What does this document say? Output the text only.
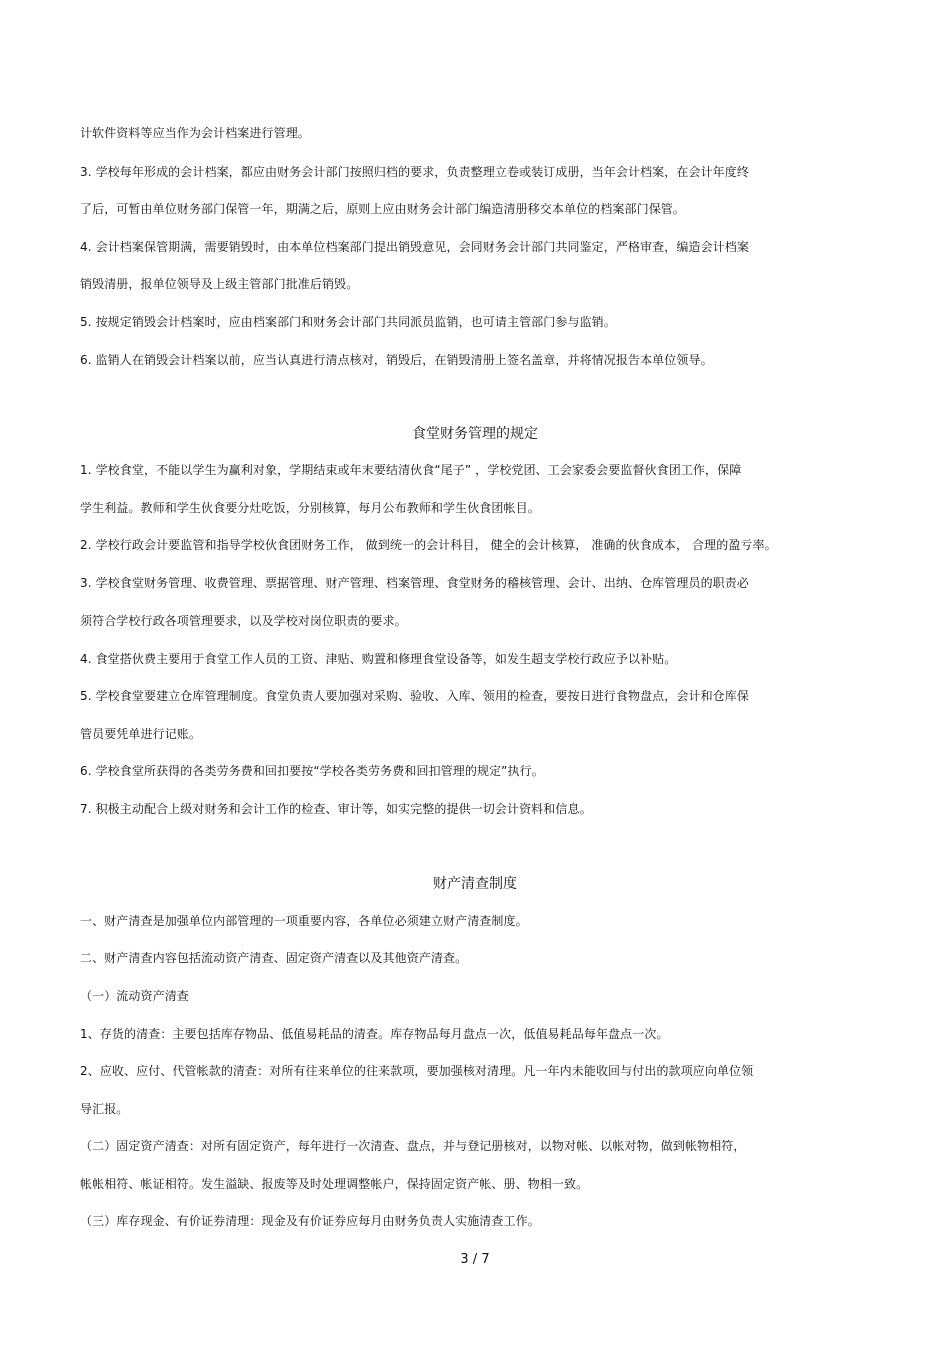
计软件资料等应当作为会计档案进行管理。
3. 学校每年形成的会计档案，都应由财务会计部门按照归档的要求，负责整理立卷或装订成册，当年会计档案，在会计年度终
了后，可暂由单位财务部门保管一年，期满之后，原则上应由财务会计部门编造清册移交本单位的档案部门保管。
4. 会计档案保管期满，需要销毁时，由本单位档案部门提出销毁意见，会同财务会计部门共同鉴定，严格审查，编造会计档案
销毁清册，报单位领导及上级主管部门批准后销毁。
5. 按规定销毁会计档案时，应由档案部门和财务会计部门共同派员监销，也可请主管部门参与监销。
6. 监销人在销毁会计档案以前，应当认真进行清点核对，销毁后，在销毁清册上签名盖章，并将情况报告本单位领导。
食堂财务管理的规定
1. 学校食堂，不能以学生为赢利对象，学期结束或年末要结清伙食“尾子” ，学校党团、工会家委会要监督伙食团工作，保障
学生利益。教师和学生伙食要分灶吃饭，分别核算，每月公布教师和学生伙食团帐目。
2. 学校行政会计要监管和指导学校伙食团财务工作， 做到统一的会计科目， 健全的会计核算， 准确的伙食成本， 合理的盈亏率。
3. 学校食堂财务管理、收费管理、票据管理、财产管理、档案管理、食堂财务的稽核管理、会计、出纳、仓库管理员的职责必
须符合学校行政各项管理要求，以及学校对岗位职责的要求。
4. 食堂搭伙费主要用于食堂工作人员的工资、津贴、购置和修理食堂设备等，如发生超支学校行政应予以补贴。
5. 学校食堂要建立仓库管理制度。食堂负责人要加强对采购、验收、入库、领用的检查，要按日进行食物盘点，会计和仓库保
管员要凭单进行记账。
6. 学校食堂所获得的各类劳务费和回扣要按“学校各类劳务费和回扣管理的规定”执行。
7. 积极主动配合上级对财务和会计工作的检查、审计等，如实完整的提供一切会计资料和信息。
财产清查制度
一、财产清查是加强单位内部管理的一项重要内容，各单位必须建立财产清查制度。
二、财产清查内容包括流动资产清查、固定资产清查以及其他资产清查。
（一）流动资产清查
1、存货的清查：主要包括库存物品、低值易耗品的清查。库存物品每月盘点一次，低值易耗品每年盘点一次。
2、应收、应付、代管帐款的清查：对所有往来单位的往来款项，要加强核对清理。凡一年内未能收回与付出的款项应向单位领
导汇报。
（二）固定资产清查：对所有固定资产，每年进行一次清查、盘点，并与登记册核对，以物对帐、以帐对物，做到帐物相符，
帐帐相符、帐证相符。发生溢缺、报废等及时处理调整帐户，保持固定资产帐、册、物相一致。
（三）库存现金、有价证券清理：现金及有价证券应每月由财务负责人实施清查工作。
3 / 7
